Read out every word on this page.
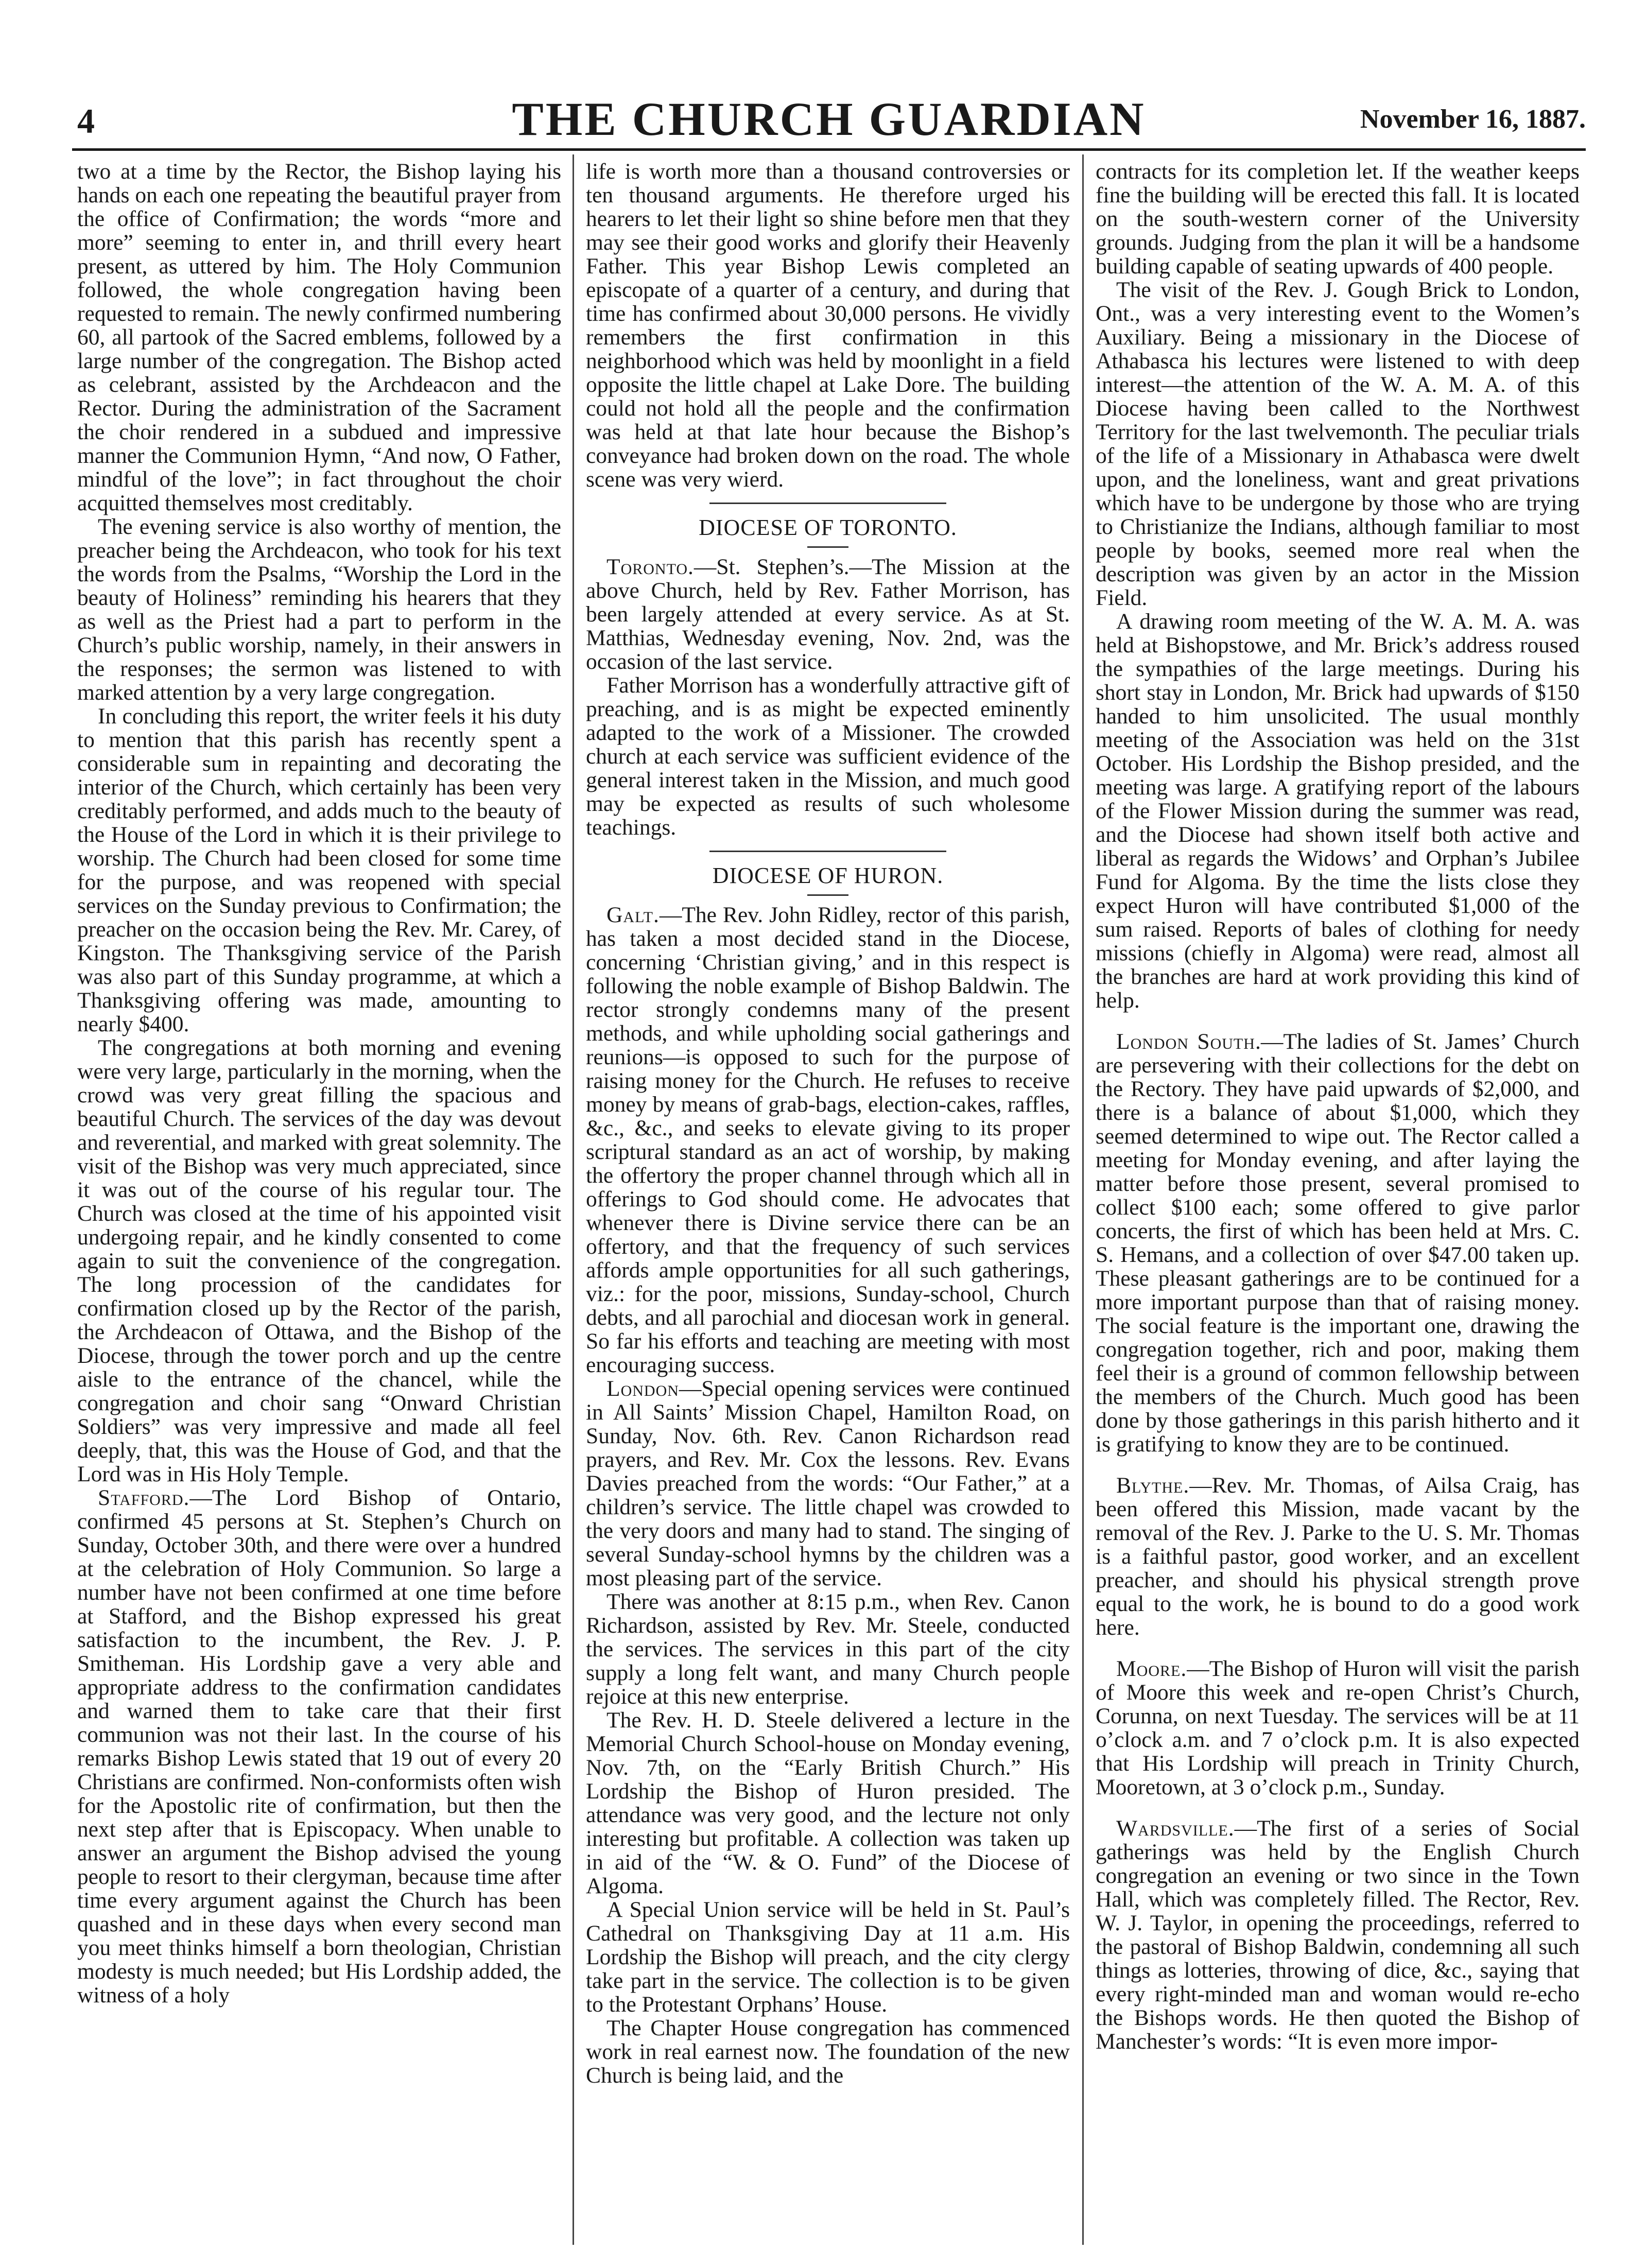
4	THE CHURCH GUARDIAN	November 16, 1887.

two at a time by the Rector, the Bishop laying his hands on each one repeating the beautiful prayer from the office of Confirmation; the words “more and more” seeming to enter in, and thrill every heart present, as uttered by him. The Holy Communion followed, the whole congregation having been requested to remain. The newly confirmed numbering 60, all partook of the Sacred emblems, followed by a large number of the congregation. The Bishop acted as celebrant, assisted by the Archdeacon and the Rector. During the administration of the Sacrament the choir rendered in a subdued and impressive manner the Communion Hymn, “And now, O Father, mindful of the love”; in fact throughout the choir acquitted themselves most creditably.

The evening service is also worthy of mention, the preacher being the Archdeacon, who took for his text the words from the Psalms, “Worship the Lord in the beauty of Holiness” reminding his hearers that they as well as the Priest had a part to perform in the Church’s public worship, namely, in their answers in the responses; the sermon was listened to with marked attention by a very large congregation.

In concluding this report, the writer feels it his duty to mention that this parish has recently spent a considerable sum in repainting and decorating the interior of the Church, which certainly has been very creditably performed, and adds much to the beauty of the House of the Lord in which it is their privilege to worship. The Church had been closed for some time for the purpose, and was reopened with special services on the Sunday previous to Confirmation; the preacher on the occasion being the Rev. Mr. Carey, of Kingston. The Thanksgiving service of the Parish was also part of this Sunday programme, at which a Thanksgiving offering was made, amounting to nearly $400.

The congregations at both morning and evening were very large, particularly in the morning, when the crowd was very great filling the spacious and beautiful Church. The services of the day was devout and reverential, and marked with great solemnity. The visit of the Bishop was very much appreciated, since it was out of the course of his regular tour. The Church was closed at the time of his appointed visit undergoing repair, and he kindly consented to come again to suit the convenience of the congregation. The long procession of the candidates for confirmation closed up by the Rector of the parish, the Archdeacon of Ottawa, and the Bishop of the Diocese, through the tower porch and up the centre aisle to the entrance of the chancel, while the congregation and choir sang “Onward Christian Soldiers” was very impressive and made all feel deeply, that, this was the House of God, and that the Lord was in His Holy Temple.

Stafford.—The Lord Bishop of Ontario, confirmed 45 persons at St. Stephen’s Church on Sunday, October 30th, and there were over a hundred at the celebration of Holy Communion. So large a number have not been confirmed at one time before at Stafford, and the Bishop expressed his great satisfaction to the incumbent, the Rev. J. P. Smitheman. His Lordship gave a very able and appropriate address to the confirmation candidates and warned them to take care that their first communion was not their last. In the course of his remarks Bishop Lewis stated that 19 out of every 20 Christians are confirmed. Non-conformists often wish for the Apostolic rite of confirmation, but then the next step after that is Episcopacy. When unable to answer an argument the Bishop advised the young people to resort to their clergyman, because time after time every argument against the Church has been quashed and in these days when every second man you meet thinks himself a born theologian, Christian modesty is much needed; but His Lordship added, the witness of a holy

life is worth more than a thousand controversies or ten thousand arguments. He therefore urged his hearers to let their light so shine before men that they may see their good works and glorify their Heavenly Father. This year Bishop Lewis completed an episcopate of a quarter of a century, and during that time has confirmed about 30,000 persons. He vividly remembers the first confirmation in this neighborhood which was held by moonlight in a field opposite the little chapel at Lake Dore. The building could not hold all the people and the confirmation was held at that late hour because the Bishop’s conveyance had broken down on the road. The whole scene was very wierd.

DIOCESE OF TORONTO.

Toronto.—St. Stephen’s.—The Mission at the above Church, held by Rev. Father Morrison, has been largely attended at every service. As at St. Matthias, Wednesday evening, Nov. 2nd, was the occasion of the last service.

Father Morrison has a wonderfully attractive gift of preaching, and is as might be expected eminently adapted to the work of a Missioner. The crowded church at each service was sufficient evidence of the general interest taken in the Mission, and much good may be expected as results of such wholesome teachings.

DIOCESE OF HURON.

Galt.—The Rev. John Ridley, rector of this parish, has taken a most decided stand in the Diocese, concerning ‘Christian giving,’ and in this respect is following the noble example of Bishop Baldwin. The rector strongly condemns many of the present methods, and while upholding social gatherings and reunions—is opposed to such for the purpose of raising money for the Church. He refuses to receive money by means of grab-bags, election-cakes, raffles, &c., &c., and seeks to elevate giving to its proper scriptural standard as an act of worship, by making the offertory the proper channel through which all in offerings to God should come. He advocates that whenever there is Divine service there can be an offertory, and that the frequency of such services affords ample opportunities for all such gatherings, viz.: for the poor, missions, Sunday-school, Church debts, and all parochial and diocesan work in general. So far his efforts and teaching are meeting with most encouraging success.

London—Special opening services were continued in All Saints’ Mission Chapel, Hamilton Road, on Sunday, Nov. 6th. Rev. Canon Richardson read prayers, and Rev. Mr. Cox the lessons. Rev. Evans Davies preached from the words: “Our Father,” at a children’s service. The little chapel was crowded to the very doors and many had to stand. The singing of several Sunday-school hymns by the children was a most pleasing part of the service.

There was another at 8:15 p.m., when Rev. Canon Richardson, assisted by Rev. Mr. Steele, conducted the services. The services in this part of the city supply a long felt want, and many Church people rejoice at this new enterprise.

The Rev. H. D. Steele delivered a lecture in the Memorial Church School-house on Monday evening, Nov. 7th, on the “Early British Church.” His Lordship the Bishop of Huron presided. The attendance was very good, and the lecture not only interesting but profitable. A collection was taken up in aid of the “W. & O. Fund” of the Diocese of Algoma.

A Special Union service will be held in St. Paul’s Cathedral on Thanksgiving Day at 11 a.m. His Lordship the Bishop will preach, and the city clergy take part in the service. The collection is to be given to the Protestant Orphans’ House.

The Chapter House congregation has commenced work in real earnest now. The foundation of the new Church is being laid, and the

contracts for its completion let. If the weather keeps fine the building will be erected this fall. It is located on the south-western corner of the University grounds. Judging from the plan it will be a handsome building capable of seating upwards of 400 people.

The visit of the Rev. J. Gough Brick to London, Ont., was a very interesting event to the Women’s Auxiliary. Being a missionary in the Diocese of Athabasca his lectures were listened to with deep interest—the attention of the W. A. M. A. of this Diocese having been called to the Northwest Territory for the last twelvemonth. The peculiar trials of the life of a Missionary in Athabasca were dwelt upon, and the loneliness, want and great privations which have to be undergone by those who are trying to Christianize the Indians, although familiar to most people by books, seemed more real when the description was given by an actor in the Mission Field.

A drawing room meeting of the W. A. M. A. was held at Bishopstowe, and Mr. Brick’s address roused the sympathies of the large meetings. During his short stay in London, Mr. Brick had upwards of $150 handed to him unsolicited. The usual monthly meeting of the Association was held on the 31st October. His Lordship the Bishop presided, and the meeting was large. A gratifying report of the labours of the Flower Mission during the summer was read, and the Diocese had shown itself both active and liberal as regards the Widows’ and Orphan’s Jubilee Fund for Algoma. By the time the lists close they expect Huron will have contributed $1,000 of the sum raised. Reports of bales of clothing for needy missions (chiefly in Algoma) were read, almost all the branches are hard at work providing this kind of help.

London South.—The ladies of St. James’ Church are persevering with their collections for the debt on the Rectory. They have paid upwards of $2,000, and there is a balance of about $1,000, which they seemed determined to wipe out. The Rector called a meeting for Monday evening, and after laying the matter before those present, several promised to collect $100 each; some offered to give parlor concerts, the first of which has been held at Mrs. C. S. Hemans, and a collection of over $47.00 taken up. These pleasant gatherings are to be continued for a more important purpose than that of raising money. The social feature is the important one, drawing the congregation together, rich and poor, making them feel their is a ground of common fellowship between the members of the Church. Much good has been done by those gatherings in this parish hitherto and it is gratifying to know they are to be continued.

Blythe.—Rev. Mr. Thomas, of Ailsa Craig, has been offered this Mission, made vacant by the removal of the Rev. J. Parke to the U. S. Mr. Thomas is a faithful pastor, good worker, and an excellent preacher, and should his physical strength prove equal to the work, he is bound to do a good work here.

Moore.—The Bishop of Huron will visit the parish of Moore this week and re-open Christ’s Church, Corunna, on next Tuesday. The services will be at 11 o’clock a.m. and 7 o’clock p.m. It is also expected that His Lordship will preach in Trinity Church, Mooretown, at 3 o’clock p.m., Sunday.

Wardsville.—The first of a series of Social gatherings was held by the English Church congregation an evening or two since in the Town Hall, which was completely filled. The Rector, Rev. W. J. Taylor, in opening the proceedings, referred to the pastoral of Bishop Baldwin, condemning all such things as lotteries, throwing of dice, &c., saying that every right-minded man and woman would re-echo the Bishops words. He then quoted the Bishop of Manchester’s words: “It is even more impor-
